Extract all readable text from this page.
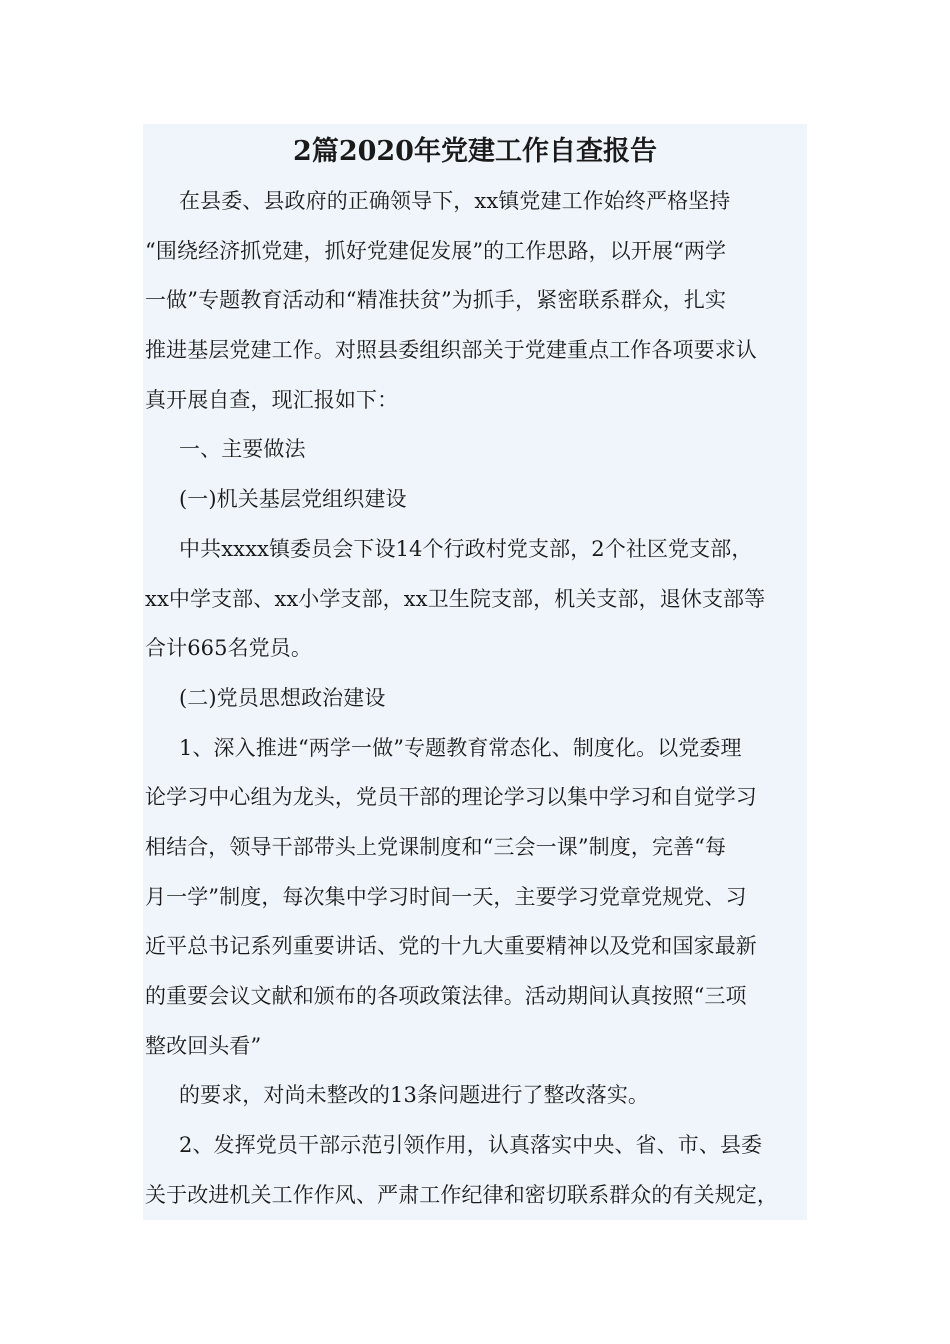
2篇2020年党建工作自查报告
在县委、县政府的正确领导下，xx镇党建工作始终严格坚持
“围绕经济抓党建，抓好党建促发展”的工作思路，以开展“两学
一做”专题教育活动和“精准扶贫”为抓手，紧密联系群众，扎实
推进基层党建工作。对照县委组织部关于党建重点工作各项要求认
真开展自查，现汇报如下：
一、主要做法
(一)机关基层党组织建设
中共xxxx镇委员会下设14个行政村党支部，2个社区党支部，
xx中学支部、xx小学支部，xx卫生院支部，机关支部，退休支部等
合计665名党员。
(二)党员思想政治建设
1、深入推进“两学一做”专题教育常态化、制度化。以党委理
论学习中心组为龙头，党员干部的理论学习以集中学习和自觉学习
相结合，领导干部带头上党课制度和“三会一课”制度，完善“每
月一学”制度，每次集中学习时间一天，主要学习党章党规党、习
近平总书记系列重要讲话、党的十九大重要精神以及党和国家最新
的重要会议文献和颁布的各项政策法律。活动期间认真按照“三项
整改回头看”
的要求，对尚未整改的13条问题进行了整改落实。
2、发挥党员干部示范引领作用，认真落实中央、省、市、县委
关于改进机关工作作风、严肃工作纪律和密切联系群众的有关规定，
